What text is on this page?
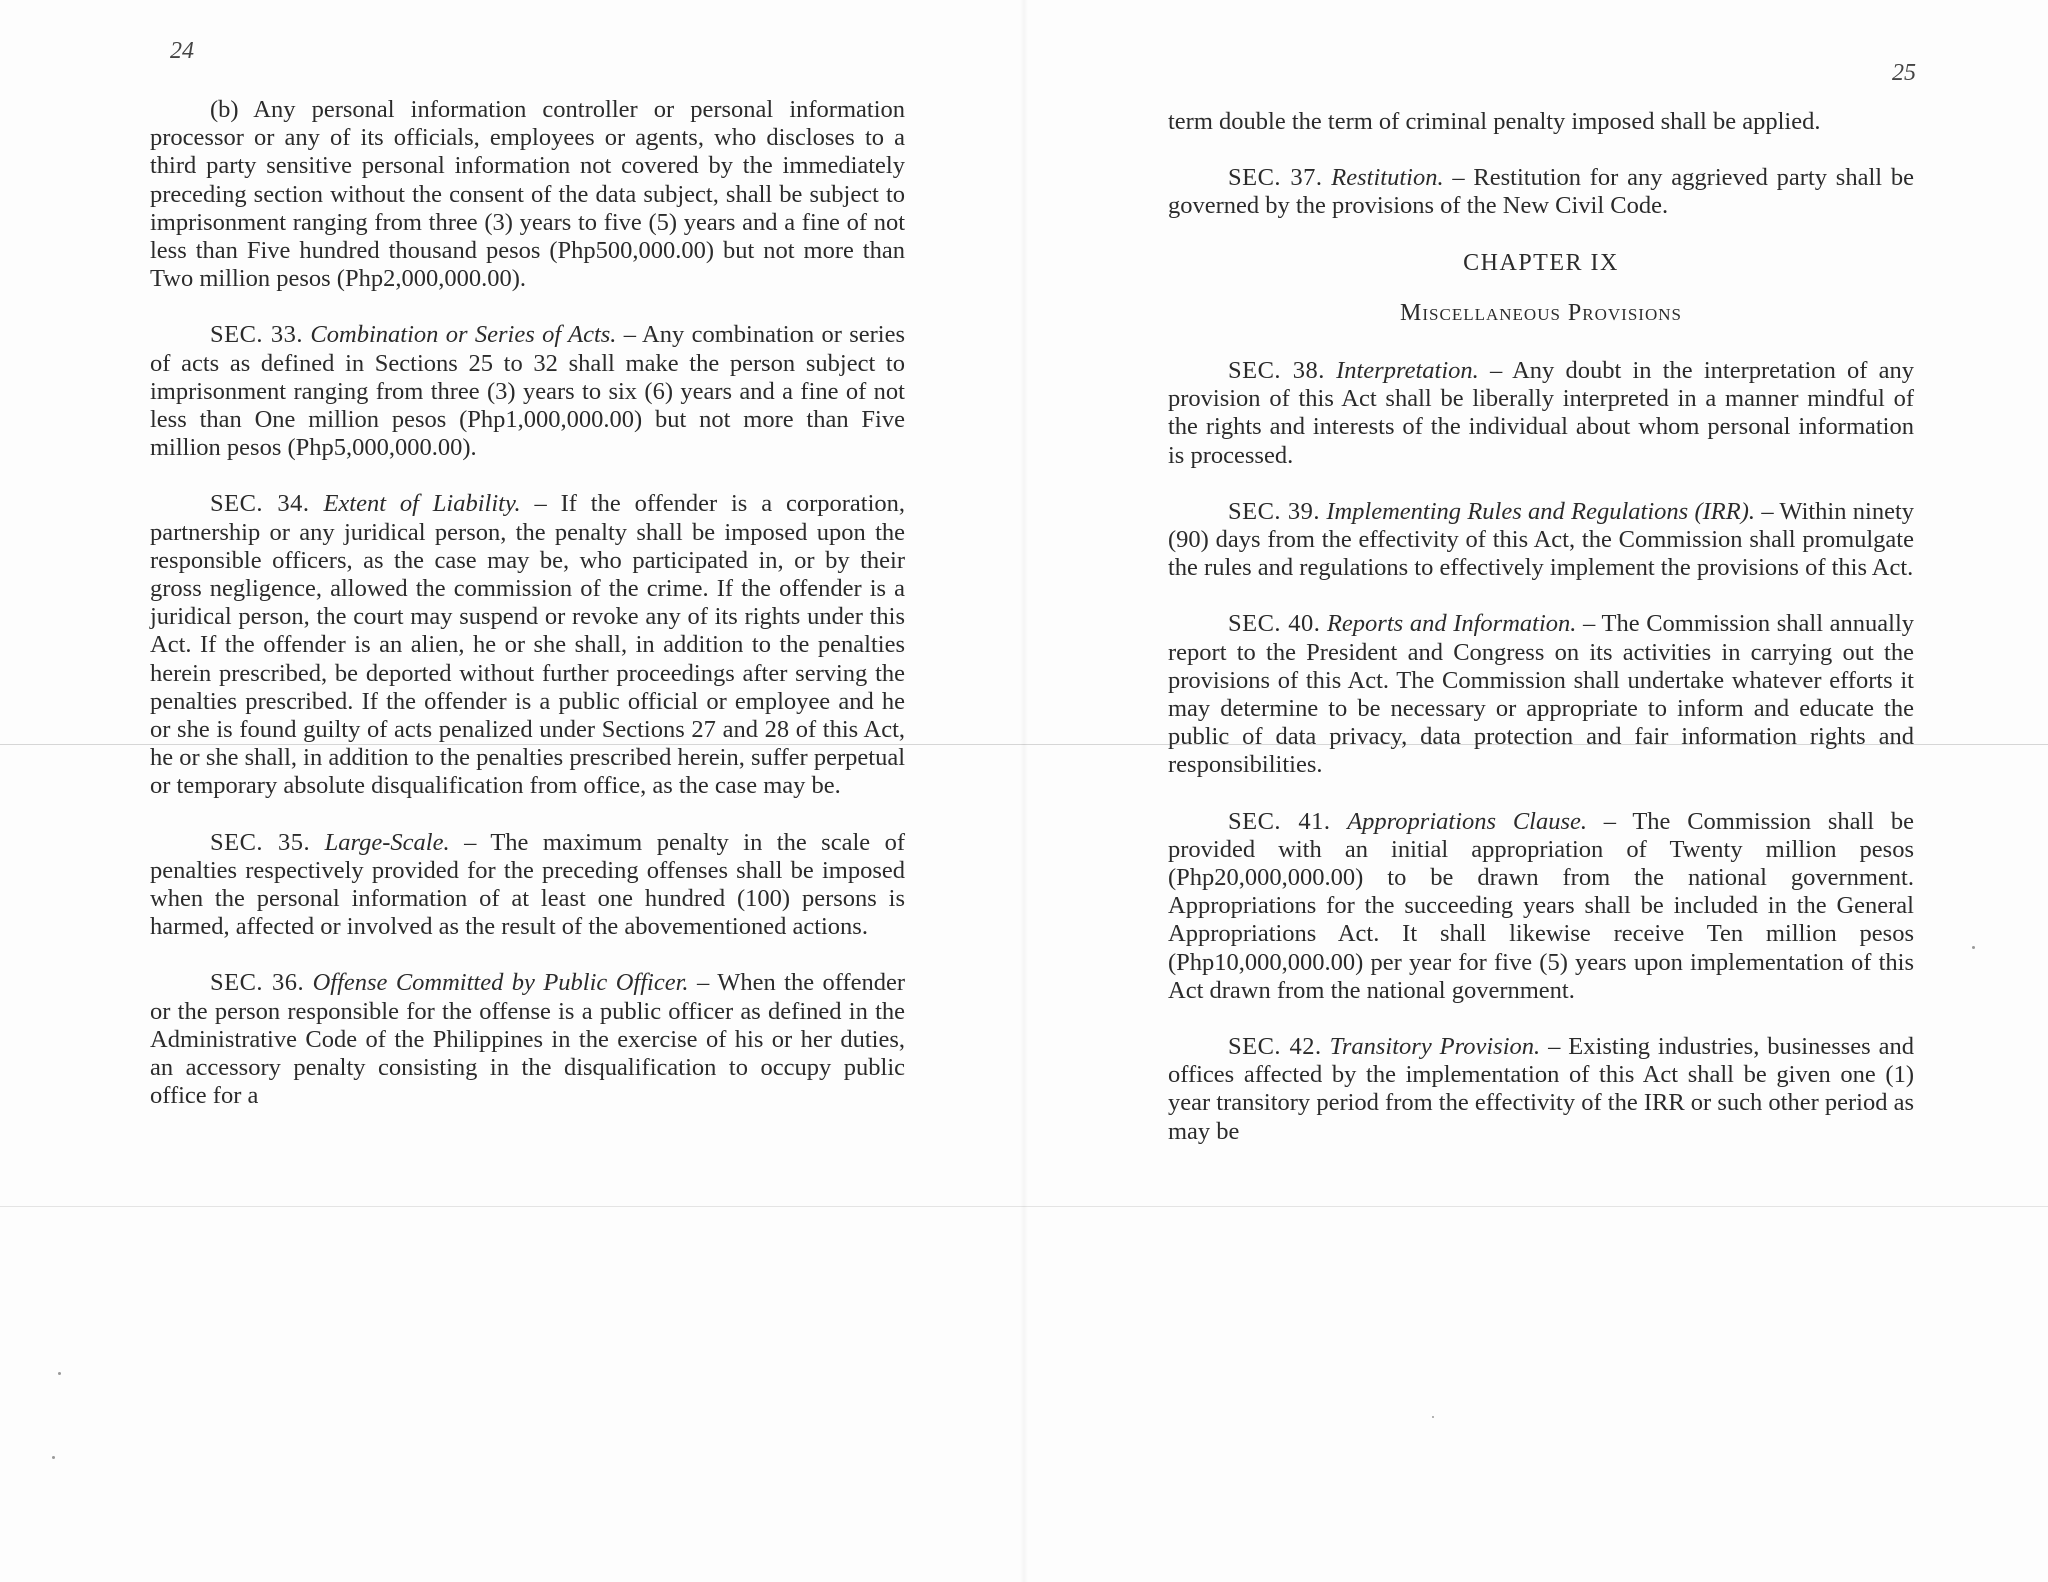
24

(b) Any personal information controller or personal information processor or any of its officials, employees or agents, who discloses to a third party sensitive personal information not covered by the immediately preceding section without the consent of the data subject, shall be subject to imprisonment ranging from three (3) years to five (5) years and a fine of not less than Five hundred thousand pesos (Php500,000.00) but not more than Two million pesos (Php2,000,000.00).

SEC. 33. Combination or Series of Acts. – Any combination or series of acts as defined in Sections 25 to 32 shall make the person subject to imprisonment ranging from three (3) years to six (6) years and a fine of not less than One million pesos (Php1,000,000.00) but not more than Five million pesos (Php5,000,000.00).

SEC. 34. Extent of Liability. – If the offender is a corporation, partnership or any juridical person, the penalty shall be imposed upon the responsible officers, as the case may be, who participated in, or by their gross negligence, allowed the commission of the crime. If the offender is a juridical person, the court may suspend or revoke any of its rights under this Act. If the offender is an alien, he or she shall, in addition to the penalties herein prescribed, be deported without further proceedings after serving the penalties prescribed. If the offender is a public official or employee and he or she is found guilty of acts penalized under Sections 27 and 28 of this Act, he or she shall, in addition to the penalties prescribed herein, suffer perpetual or temporary absolute disqualification from office, as the case may be.

SEC. 35. Large-Scale. – The maximum penalty in the scale of penalties respectively provided for the preceding offenses shall be imposed when the personal information of at least one hundred (100) persons is harmed, affected or involved as the result of the abovementioned actions.

SEC. 36. Offense Committed by Public Officer. – When the offender or the person responsible for the offense is a public officer as defined in the Administrative Code of the Philippines in the exercise of his or her duties, an accessory penalty consisting in the disqualification to occupy public office for a

25

term double the term of criminal penalty imposed shall be applied.

SEC. 37. Restitution. – Restitution for any aggrieved party shall be governed by the provisions of the New Civil Code.

CHAPTER IX
Miscellaneous Provisions

SEC. 38. Interpretation. – Any doubt in the interpretation of any provision of this Act shall be liberally interpreted in a manner mindful of the rights and interests of the individual about whom personal information is processed.

SEC. 39. Implementing Rules and Regulations (IRR). – Within ninety (90) days from the effectivity of this Act, the Commission shall promulgate the rules and regulations to effectively implement the provisions of this Act.

SEC. 40. Reports and Information. – The Commission shall annually report to the President and Congress on its activities in carrying out the provisions of this Act. The Commission shall undertake whatever efforts it may determine to be necessary or appropriate to inform and educate the public of data privacy, data protection and fair information rights and responsibilities.

SEC. 41. Appropriations Clause. – The Commission shall be provided with an initial appropriation of Twenty million pesos (Php20,000,000.00) to be drawn from the national government. Appropriations for the succeeding years shall be included in the General Appropriations Act. It shall likewise receive Ten million pesos (Php10,000,000.00) per year for five (5) years upon implementation of this Act drawn from the national government.

SEC. 42. Transitory Provision. – Existing industries, businesses and offices affected by the implementation of this Act shall be given one (1) year transitory period from the effectivity of the IRR or such other period as may be
